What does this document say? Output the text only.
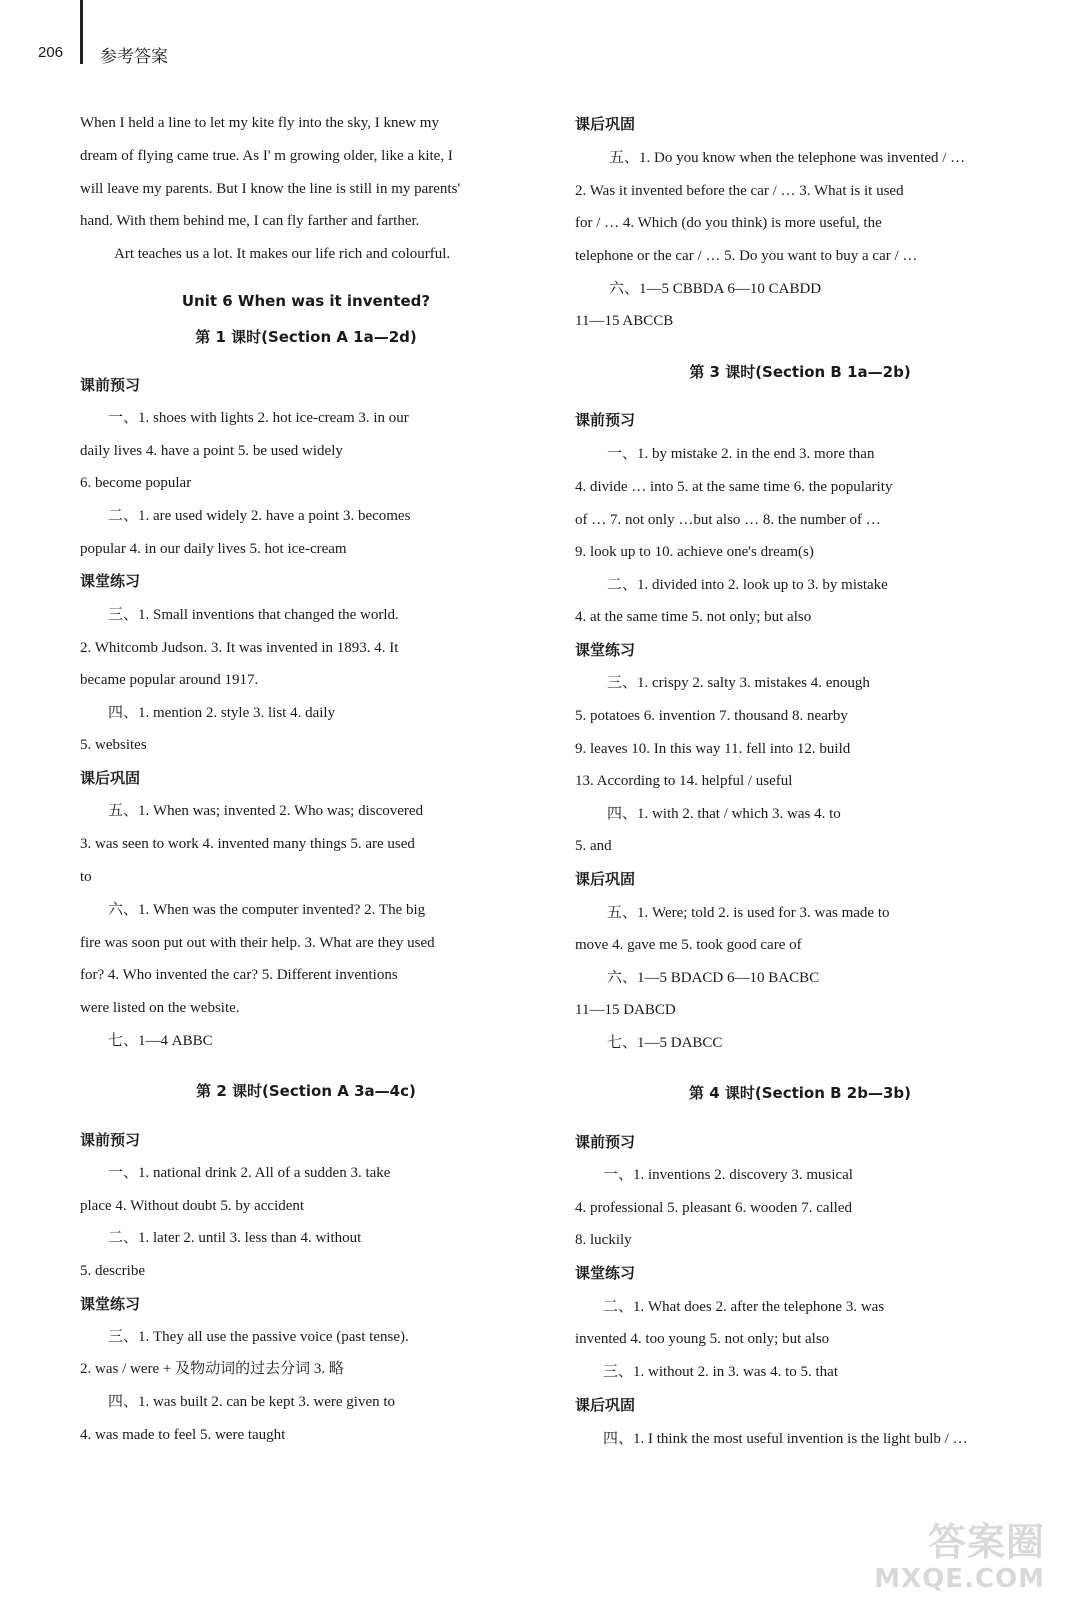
206 参考答案
When I held a line to let my kite fly into the sky, I knew my
dream of flying came true. As I' m growing older, like a kite, I
will leave my parents. But I know the line is still in my parents'
hand. With them behind me, I can fly farther and farther.
Art teaches us a lot. It makes our life rich and colourful.
Unit 6 When was it invented?
第 1 课时(Section A 1a—2d)
课前预习
一、1. shoes with lights 2. hot ice-cream 3. in our
daily lives 4. have a point 5. be used widely
6. become popular
二、1. are used widely 2. have a point 3. becomes
popular 4. in our daily lives 5. hot ice-cream
课堂练习
三、1. Small inventions that changed the world.
2. Whitcomb Judson. 3. It was invented in 1893. 4. It
became popular around 1917.
四、1. mention 2. style 3. list 4. daily
5. websites
课后巩固
五、1. When was; invented 2. Who was; discovered
3. was seen to work 4. invented many things 5. are used
to
六、1. When was the computer invented? 2. The big
fire was soon put out with their help. 3. What are they used
for? 4. Who invented the car? 5. Different inventions
were listed on the website.
七、1—4 ABBC
第 2 课时(Section A 3a—4c)
课前预习
一、1. national drink 2. All of a sudden 3. take
place 4. Without doubt 5. by accident
二、1. later 2. until 3. less than 4. without
5. describe
课堂练习
三、1. They all use the passive voice (past tense).
2. was / were + 及物动词的过去分词 3. 略
四、1. was built 2. can be kept 3. were given to
4. was made to feel 5. were taught
课后巩固
五、1. Do you know when the telephone was invented / …
2. Was it invented before the car / … 3. What is it used
for / … 4. Which (do you think) is more useful, the
telephone or the car / … 5. Do you want to buy a car / …
六、1—5 CBBDA 6—10 CABDD
11—15 ABCCB
第 3 课时(Section B 1a—2b)
课前预习
一、1. by mistake 2. in the end 3. more than
4. divide … into 5. at the same time 6. the popularity
of … 7. not only …but also … 8. the number of …
9. look up to 10. achieve one's dream(s)
二、1. divided into 2. look up to 3. by mistake
4. at the same time 5. not only; but also
课堂练习
三、1. crispy 2. salty 3. mistakes 4. enough
5. potatoes 6. invention 7. thousand 8. nearby
9. leaves 10. In this way 11. fell into 12. build
13. According to 14. helpful / useful
四、1. with 2. that / which 3. was 4. to
5. and
课后巩固
五、1. Were; told 2. is used for 3. was made to
move 4. gave me 5. took good care of
六、1—5 BDACD 6—10 BACBC
11—15 DABCD
七、1—5 DABCC
第 4 课时(Section B 2b—3b)
课前预习
一、1. inventions 2. discovery 3. musical
4. professional 5. pleasant 6. wooden 7. called
8. luckily
课堂练习
二、1. What does 2. after the telephone 3. was
invented 4. too young 5. not only; but also
三、1. without 2. in 3. was 4. to 5. that
课后巩固
四、1. I think the most useful invention is the light bulb / …
答案圈
MXQE.COM
